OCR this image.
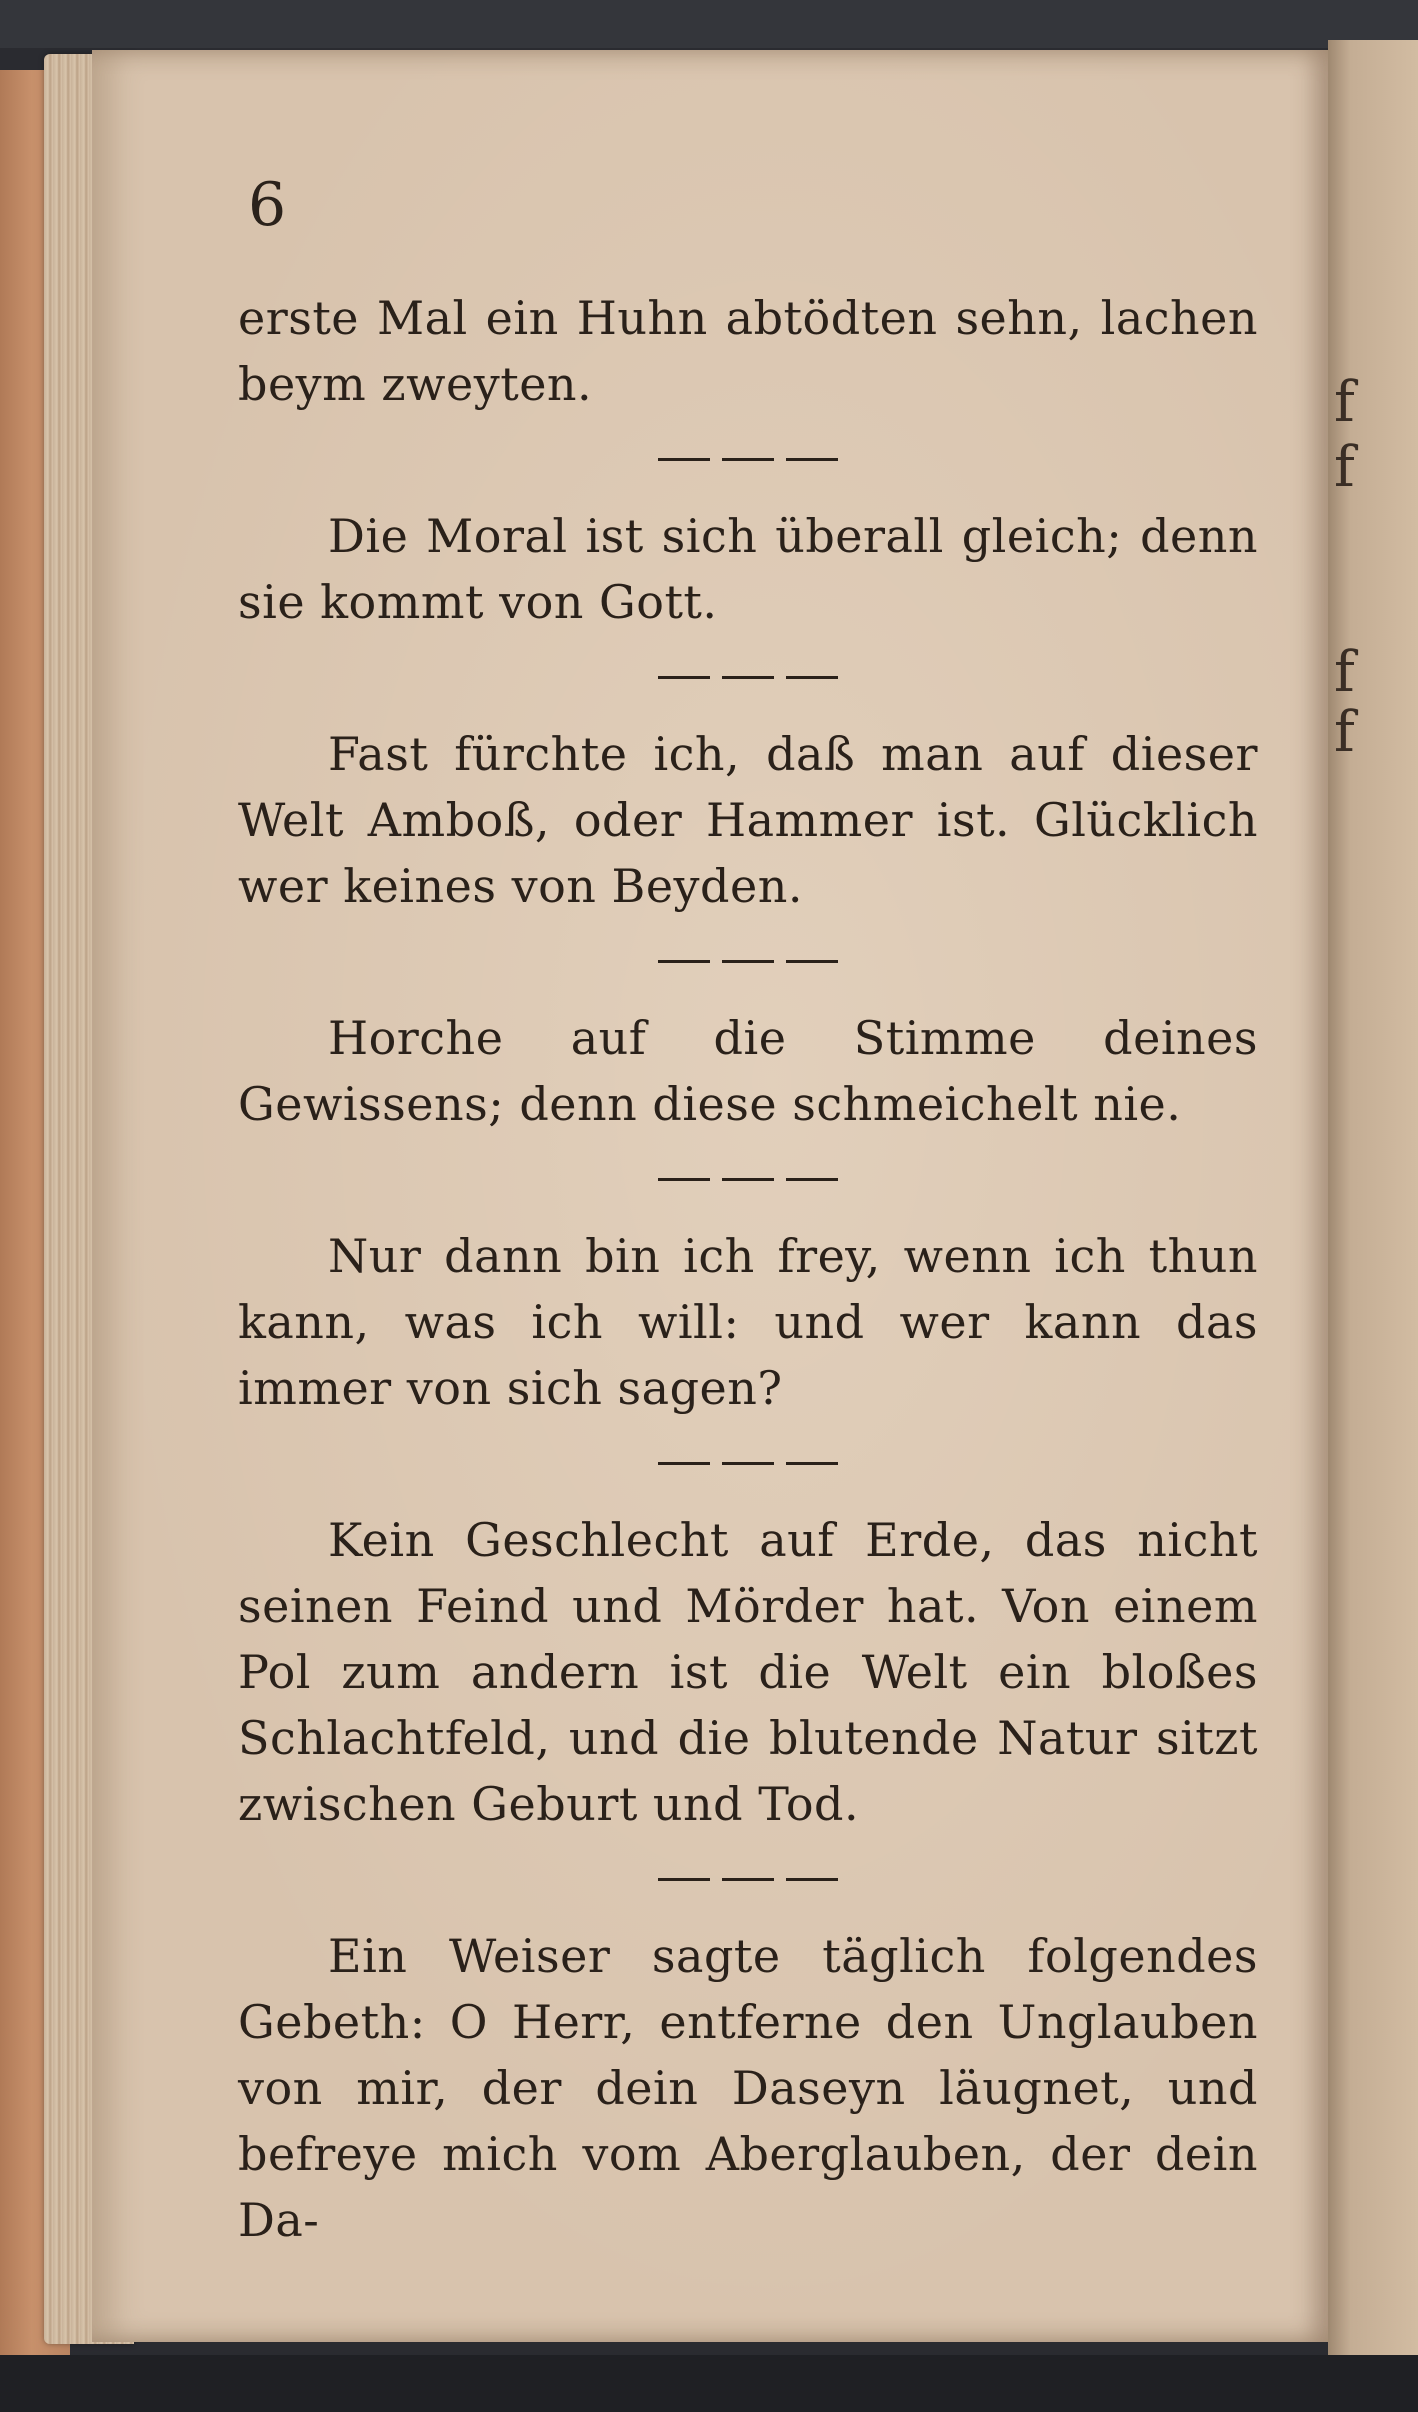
f
f
f
f
6

erste Mal ein Huhn abtödten sehn, lachen beym zweyten.

Die Moral ist sich überall gleich; denn sie kommt von Gott.

Fast fürchte ich, daß man auf dieser Welt Amboß, oder Hammer ist. Glücklich wer keines von Beyden.

Horche auf die Stimme deines Gewissens; denn diese schmeichelt nie.

Nur dann bin ich frey, wenn ich thun kann, was ich will: und wer kann das immer von sich sagen?

Kein Geschlecht auf Erde, das nicht seinen Feind und Mörder hat. Von einem Pol zum andern ist die Welt ein bloßes Schlachtfeld, und die blutende Natur sitzt zwischen Geburt und Tod.

Ein Weiser sagte täglich folgendes Gebeth: O Herr, entferne den Unglauben von mir, der dein Daseyn läugnet, und befreye mich vom Aberglauben, der dein Da-
